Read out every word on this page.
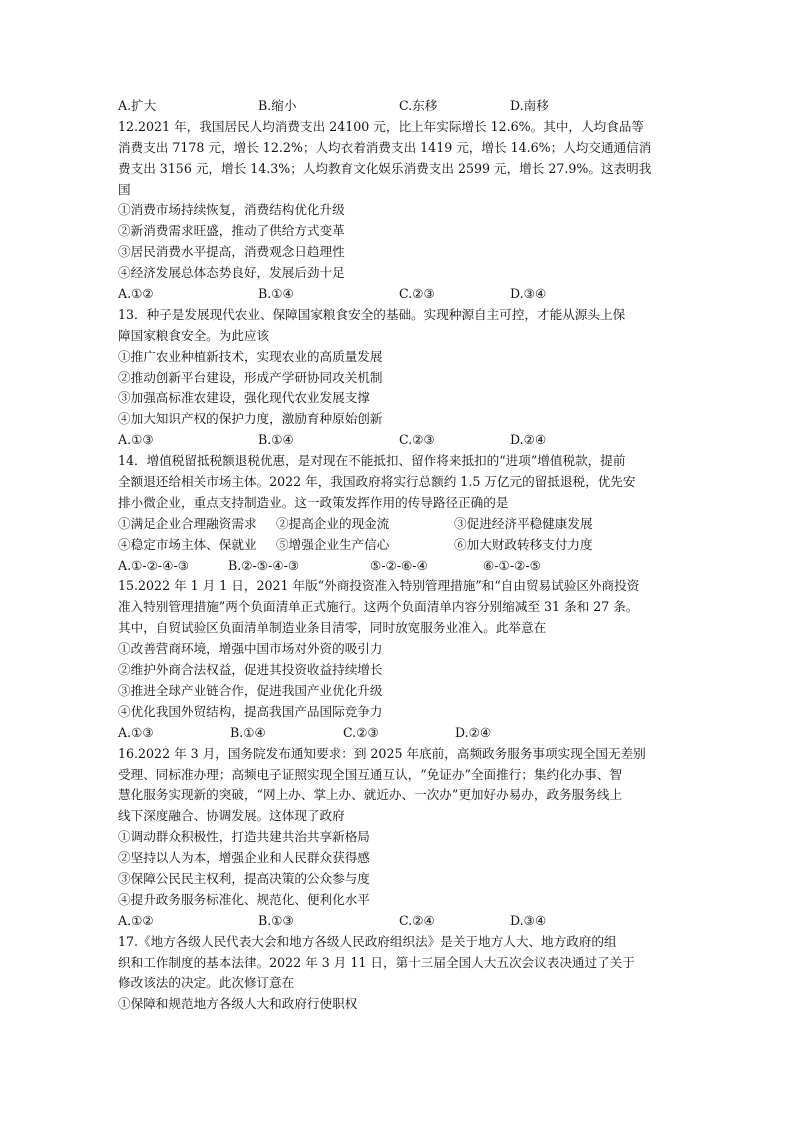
A.扩大	B.缩小	C.东移	D.南移
12.2021 年，我国居民人均消费支出 24100 元，比上年实际增长 12.6%。其中，人均食品等
消费支出 7178 元，增长 12.2%；人均衣着消费支出 1419 元，增长 14.6%；人均交通通信消
费支出 3156 元，增长 14.3%；人均教育文化娱乐消费支出 2599 元，增长 27.9%。这表明我
国
①消费市场持续恢复，消费结构优化升级
②新消费需求旺盛，推动了供给方式变革
③居民消费水平提高，消费观念日趋理性
④经济发展总体态势良好，发展后劲十足
A.①②	B.①④	C.②③	D.③④
13．种子是发展现代农业、保障国家粮食安全的基础。实现种源自主可控，才能从源头上保
障国家粮食安全。为此应该
①推广农业种植新技术，实现农业的高质量发展
②推动创新平台建设，形成产学研协同攻关机制
③加强高标准农建设，强化现代农业发展支撑
④加大知识产权的保护力度，激励育种原始创新
A.①③	B.①④	C.②③	D.②④
14．增值税留抵税额退税优惠，是对现在不能抵扣、留作将来抵扣的“进项”增值税款，提前
全额退还给相关市场主体。2022 年，我国政府将实行总额约 1.5 万亿元的留抵退税，优先安
排小微企业，重点支持制造业。这一政策发挥作用的传导路径正确的是
①满足企业合理融资需求 ②提高企业的现金流	③促进经济平稳健康发展
④稳定市场主体、保就业 ⑤增强企业生产信心	⑥加大财政转移支付力度
A.①-②-④-③	B.②-⑤-④-③	⑤-②-⑥-④	⑥-①-②-⑤
15.2022 年 1 月 1 日，2021 年版“外商投资准入特别管理措施”和“自由贸易试验区外商投资
准入特别管理措施”两个负面清单正式施行。这两个负面清单内容分别缩减至 31 条和 27 条。
其中，自贸试验区负面清单制造业条目清零，同时放宽服务业准入。此举意在
①改善营商环境，增强中国市场对外资的吸引力
②维护外商合法权益，促进其投资收益持续增长
③推进全球产业链合作，促进我国产业优化升级
④优化我国外贸结构，提高我国产品国际竞争力
A.①③	B.①④	C.②③	D.②④
16.2022 年 3 月，国务院发布通知要求：到 2025 年底前，高频政务服务事项实现全国无差别
受理、同标准办理；高频电子证照实现全国互通互认，“免证办”全面推行；集约化办事、智
慧化服务实现新的突破，“网上办、掌上办、就近办、一次办”更加好办易办，政务服务线上
线下深度融合、协调发展。这体现了政府
①调动群众积极性，打造共建共治共享新格局
②坚持以人为本，增强企业和人民群众获得感
③保障公民民主权利，提高决策的公众参与度
④提升政务服务标准化、规范化、便利化水平
A.①②	B.①③	C.②④	D.③④
17.《地方各级人民代表大会和地方各级人民政府组织法》是关于地方人大、地方政府的组
织和工作制度的基本法律。2022 年 3 月 11 日，第十三届全国人大五次会议表决通过了关于
修改该法的决定。此次修订意在
①保障和规范地方各级人大和政府行使职权
